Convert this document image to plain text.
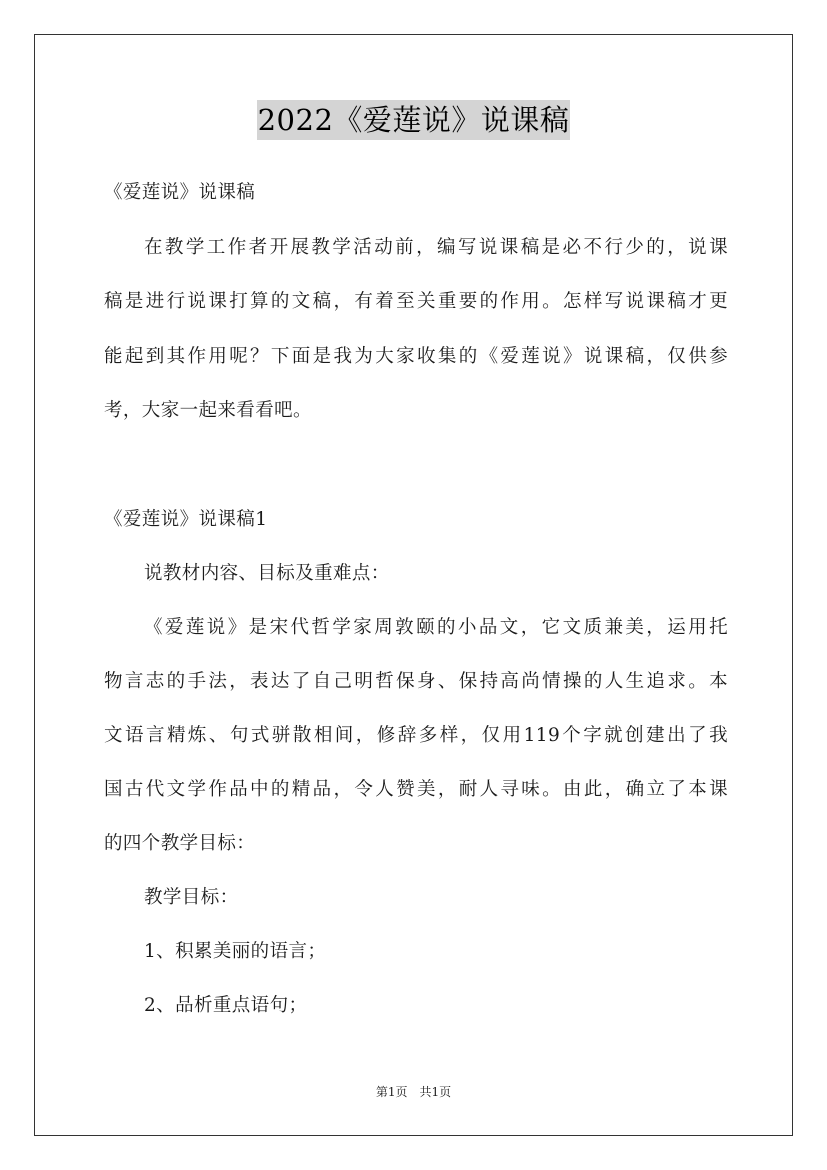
2022《爱莲说》说课稿
《爱莲说》说课稿
在教学工作者开展教学活动前，编写说课稿是必不行少的，说课
稿是进行说课打算的文稿，有着至关重要的作用。怎样写说课稿才更
能起到其作用呢？下面是我为大家收集的《爱莲说》说课稿，仅供参
考，大家一起来看看吧。
《爱莲说》说课稿1
说教材内容、目标及重难点：
《爱莲说》是宋代哲学家周敦颐的小品文，它文质兼美，运用托
物言志的手法，表达了自己明哲保身、保持高尚情操的人生追求。本
文语言精炼、句式骈散相间，修辞多样，仅用119个字就创建出了我
国古代文学作品中的精品，令人赞美，耐人寻味。由此，确立了本课
的四个教学目标：
教学目标：
1、积累美丽的语言；
2、品析重点语句；
第1页　共1页
